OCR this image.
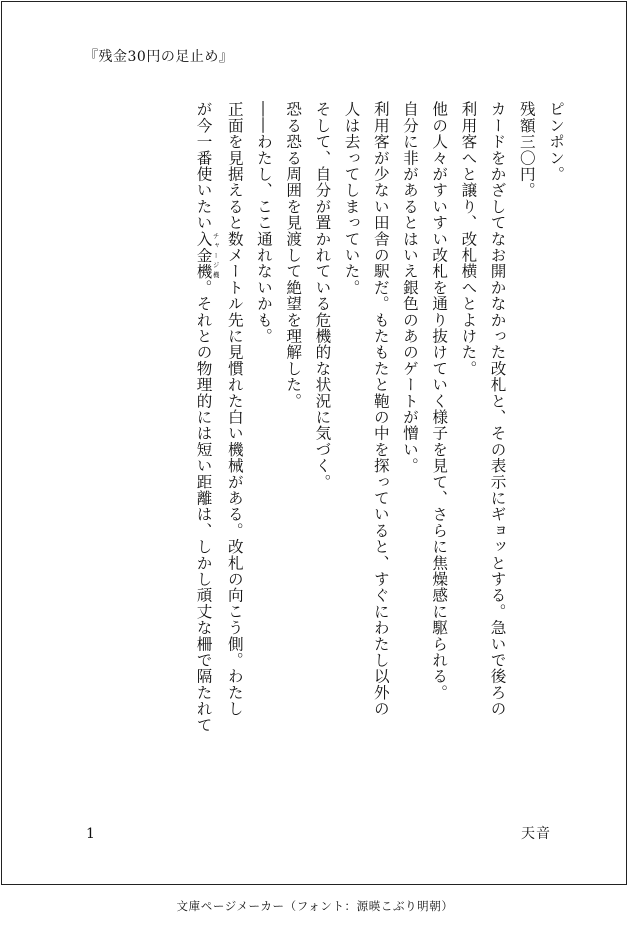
『残金30円の足止め』

ピンポン。

残額三〇円。

カードをかざしてなお開かなかった改札と、その表示にギョッとする。急いで後ろの

利用客へと譲り、改札横へとよけた。

他の人々がすいすい改札を通り抜けていく様子を見て、さらに焦燥感に駆られる。

自分に非があるとはいえ銀色のあのゲートが憎い。

利用客が少ない田舎の駅だ。もたもたと鞄の中を探っていると、すぐにわたし以外の

人は去ってしまっていた。

そして、自分が置かれている危機的な状況に気づく。

恐る恐る周囲を見渡して絶望を理解した。

――わたし、ここ通れないかも。

正面を見据えると数メートル先に見慣れた白い機械がある。改札の向こう側。わたし

が今一番使いたい入金機 チャージ機。それとの物理的には短い距離は、しかし頑丈な柵で隔たれて

1	天音
文庫ページメーカー（フォント：源暎こぶり明朝）
